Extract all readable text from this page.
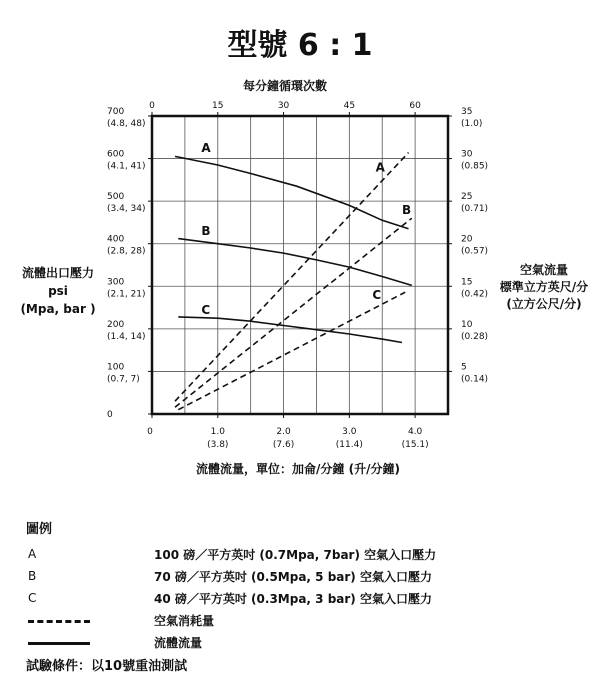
型號 6 : 1
每分鐘循環次數
A
B
C
A
B
C
700
(4.8, 48)
600
(4.1, 41)
500
(3.4, 34)
400
(2.8, 28)
300
(2.1, 21)
200
(1.4, 14)
100
(0.7, 7)
0
35
(1.0)
30
(0.85)
25
(0.71)
20
(0.57)
15
(0.42)
10
(0.28)
5
(0.14)
0	1.0
(3.8)
2.0
(7.6)
3.0
(11.4)
4.0
(15.1)
0	15	30	45	60
流體出口壓力
psi
(Mpa, bar )
空氣流量
標準立方英尺/分
(立方公尺/分)
流體流量，單位：加侖/分鐘 (升/分鐘)
圖例
A	100 磅／平方英吋 (0.7Mpa, 7bar) 空氣入口壓力
B	70 磅／平方英吋 (0.5Mpa, 5 bar) 空氣入口壓力
C	40 磅／平方英吋 (0.3Mpa, 3 bar) 空氣入口壓力
空氣消耗量
流體流量
試驗條件：以10號重油測試
